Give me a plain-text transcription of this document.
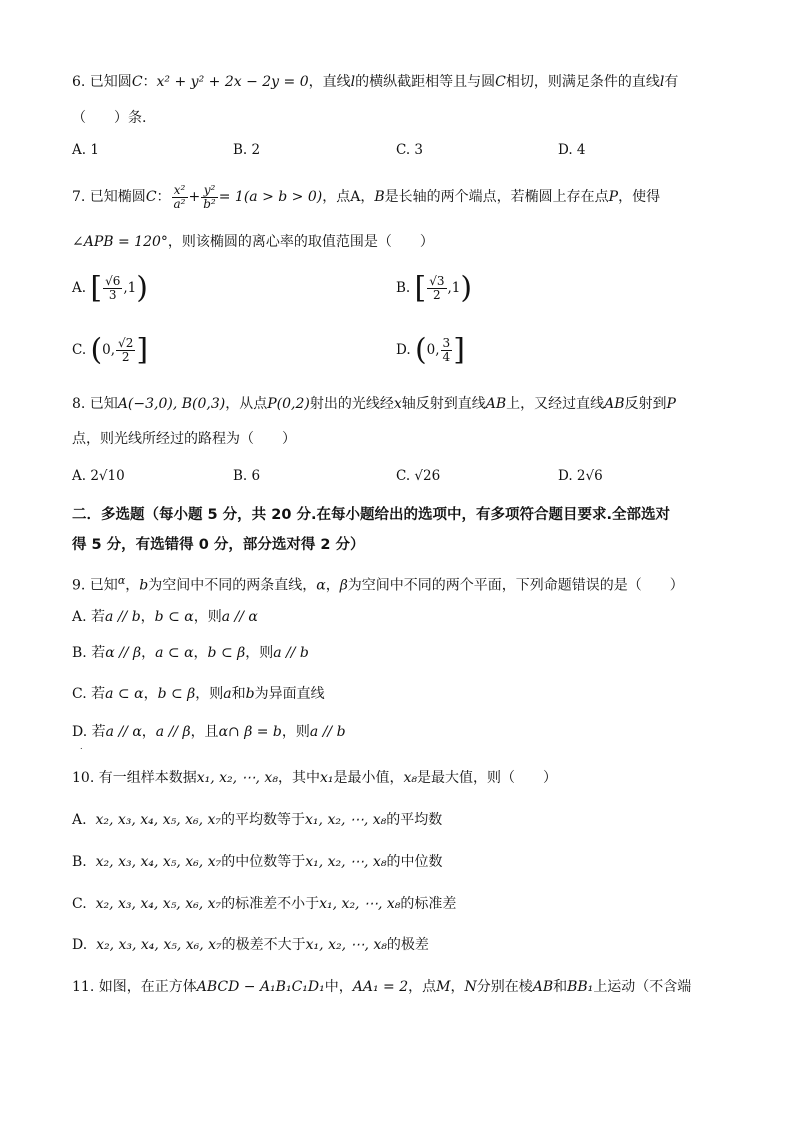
6. 已知圆C：x² + y² + 2x − 2y = 0，直线l的横纵截距相等且与圆C相切，则满足条件的直线l有
（　　）条.
A. 1	B. 2	C. 3	D. 4
7. 已知椭圆C： $\frac{\text{x²}}{\text{a²}} + \frac{\text{y²}}{\text{b²}} = 1(a > b > 0)$，点A，B是长轴的两个端点，若椭圆上存在点P，使得
∠APB = 120°，则该椭圆的离心率的取值范围是（　　）
A. [ $\frac{√6}{3} ,1$)	B. [ $\frac{√3}{2} ,1$)
C. (0, $\frac{√2}{2}$ ]	D. (0, $\frac{3}{4}$ ]
8. 已知A(−3,0), B(0,3)，从点P(0,2)射出的光线经x轴反射到直线AB上，又经过直线AB反射到P
点，则光线所经过的路程为（　　）
A. 2√10	B. 6	C. √26	D. 2√6
二．多选题（每小题 5 分，共 20 分.在每小题给出的选项中，有多项符合题目要求.全部选对
得 5 分，有选错得 0 分，部分选对得 2 分）
9. 已知$^\alpha$，b为空间中不同的两条直线，α，β为空间中不同的两个平面，下列命题错误的是（　　）
A. 若a // b，b ⊂ α，则a // α
B. 若α // β，a ⊂ α，b ⊂ β，则a // b
C. 若a ⊂ α，b ⊂ β，则a和b为异面直线
D. 若a // α，a // β，且α∩ β = b，则a // b
.
10. 有一组样本数据x₁, x₂, ⋯, x₈，其中x₁是最小值，x₈是最大值，则（　　）
A. x₂, x₃, x₄, x₅, x₆, x₇的平均数等于x₁, x₂, ⋯, x₈的平均数
B. x₂, x₃, x₄, x₅, x₆, x₇的中位数等于x₁, x₂, ⋯, x₈的中位数
C. x₂, x₃, x₄, x₅, x₆, x₇的标准差不小于x₁, x₂, ⋯, x₈的标准差
D. x₂, x₃, x₄, x₅, x₆, x₇的极差不大于x₁, x₂, ⋯, x₈的极差
11. 如图，在正方体ABCD − A₁B₁C₁D₁中，AA₁ = 2，点M，N分别在棱AB和BB₁上运动（不含端
